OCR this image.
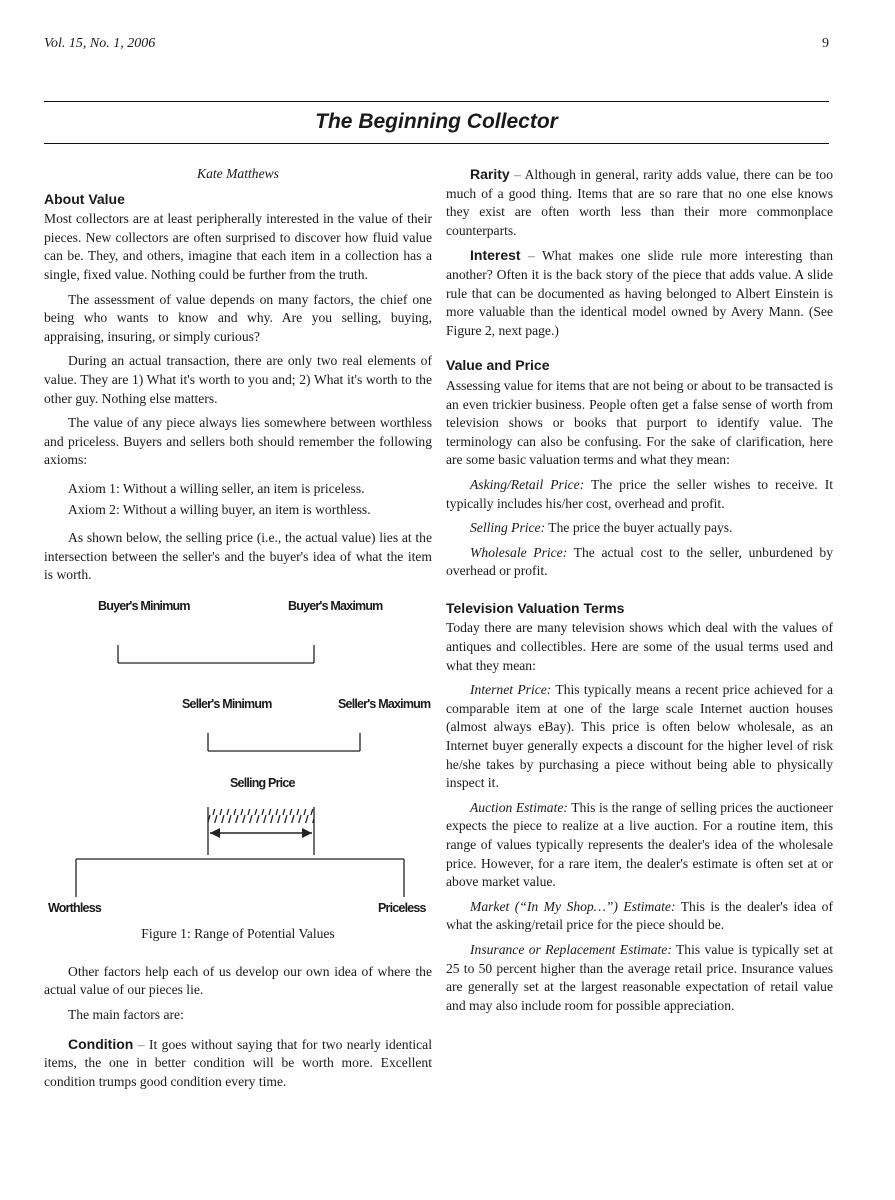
Vol. 15, No. 1, 2006	9
The Beginning Collector
Kate Matthews
About Value

Most collectors are at least peripherally interested in the value of their pieces. New collectors are often surprised to discover how fluid value can be. They, and others, imagine that each item in a collection has a single, fixed value. Nothing could be further from the truth.

The assessment of value depends on many factors, the chief one being who wants to know and why. Are you selling, buying, appraising, insuring, or simply curious?

During an actual transaction, there are only two real elements of value. They are 1) What it's worth to you and; 2) What it's worth to the other guy. Nothing else matters.

The value of any piece always lies somewhere between worthless and priceless. Buyers and sellers both should remember the following axioms:

Axiom 1: Without a willing seller, an item is priceless.

Axiom 2: Without a willing buyer, an item is worthless.

As shown below, the selling price (i.e., the actual value) lies at the intersection between the seller's and the buyer's idea of what the item is worth.

Buyer's Minimum	Buyer's Maximum
Seller's Minimum	Seller's Maximum
Selling Price
Worthless	Priceless
Figure 1: Range of Potential Values

Other factors help each of us develop our own idea of where the actual value of our pieces lie.

The main factors are:

Condition – It goes without saying that for two nearly identical items, the one in better condition will be worth more. Excellent condition trumps good condition every time.

Rarity – Although in general, rarity adds value, there can be too much of a good thing. Items that are so rare that no one else knows they exist are often worth less than their more commonplace counterparts.

Interest – What makes one slide rule more interesting than another? Often it is the back story of the piece that adds value. A slide rule that can be documented as having belonged to Albert Einstein is more valuable than the identical model owned by Avery Mann. (See Figure 2, next page.)

Value and Price

Assessing value for items that are not being or about to be transacted is an even trickier business. People often get a false sense of worth from television shows or books that purport to identify value. The terminology can also be confusing. For the sake of clarification, here are some basic valuation terms and what they mean:

Asking/Retail Price: The price the seller wishes to receive. It typically includes his/her cost, overhead and profit.

Selling Price: The price the buyer actually pays.

Wholesale Price: The actual cost to the seller, unburdened by overhead or profit.

Television Valuation Terms

Today there are many television shows which deal with the values of antiques and collectibles. Here are some of the usual terms used and what they mean:

Internet Price: This typically means a recent price achieved for a comparable item at one of the large scale Internet auction houses (almost always eBay). This price is often below wholesale, as an Internet buyer generally expects a discount for the higher level of risk he/she takes by purchasing a piece without being able to physically inspect it.

Auction Estimate: This is the range of selling prices the auctioneer expects the piece to realize at a live auction. For a routine item, this range of values typically represents the dealer's idea of the wholesale price. However, for a rare item, the dealer's estimate is often set at or above market value.

Market (“In My Shop…”) Estimate: This is the dealer's idea of what the asking/retail price for the piece should be.

Insurance or Replacement Estimate: This value is typically set at 25 to 50 percent higher than the average retail price. Insurance values are generally set at the largest reasonable expectation of retail value and may also include room for possible appreciation.
